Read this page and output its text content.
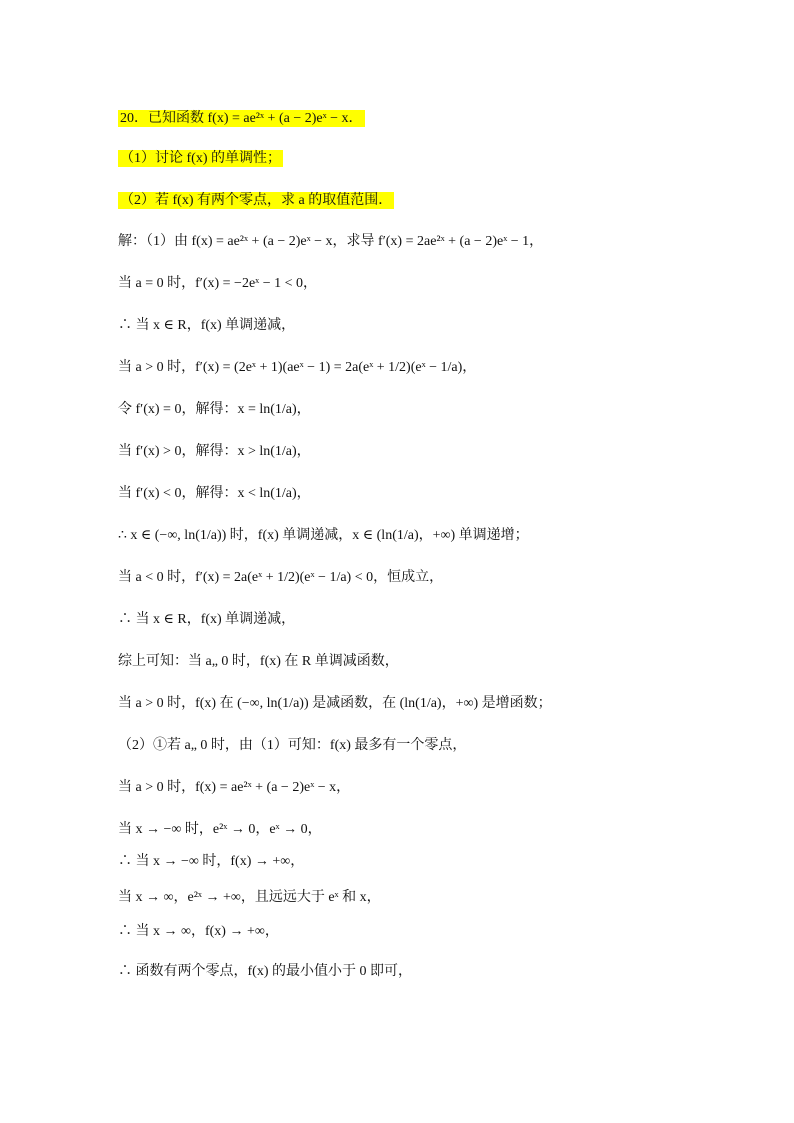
20．已知函数 f(x) = ae²ˣ + (a − 2)eˣ − x．
（1）讨论 f(x) 的单调性；
（2）若 f(x) 有两个零点，求 a 的取值范围．
解：（1）由 f(x) = ae²ˣ + (a − 2)eˣ − x，求导 f′(x) = 2ae²ˣ + (a − 2)eˣ − 1，
当 a = 0 时，f′(x) = −2eˣ − 1 < 0，
∴ 当 x ∈ R，f(x) 单调递减，
当 a > 0 时，f′(x) = (2eˣ + 1)(aeˣ − 1) = 2a(eˣ + 1/2)(eˣ − 1/a)，
令 f′(x) = 0，解得：x = ln(1/a)，
当 f′(x) > 0，解得：x > ln(1/a)，
当 f′(x) < 0，解得：x < ln(1/a)，
∴ x ∈ (−∞, ln(1/a)) 时，f(x) 单调递减，x ∈ (ln(1/a)，+∞) 单调递增；
当 a < 0 时，f′(x) = 2a(eˣ + 1/2)(eˣ − 1/a) < 0，恒成立，
∴ 当 x ∈ R，f(x) 单调递减，
综上可知：当 a„ 0 时，f(x) 在 R 单调减函数，
当 a > 0 时，f(x) 在 (−∞, ln(1/a)) 是减函数，在 (ln(1/a)，+∞) 是增函数；
（2）①若 a„ 0 时，由（1）可知：f(x) 最多有一个零点，
当 a > 0 时，f(x) = ae²ˣ + (a − 2)eˣ − x，
当 x → −∞ 时，e²ˣ → 0，eˣ → 0，
∴ 当 x → −∞ 时，f(x) → +∞，
当 x → ∞，e²ˣ → +∞，且远远大于 eˣ 和 x，
∴ 当 x → ∞，f(x) → +∞，
∴ 函数有两个零点，f(x) 的最小值小于 0 即可，
